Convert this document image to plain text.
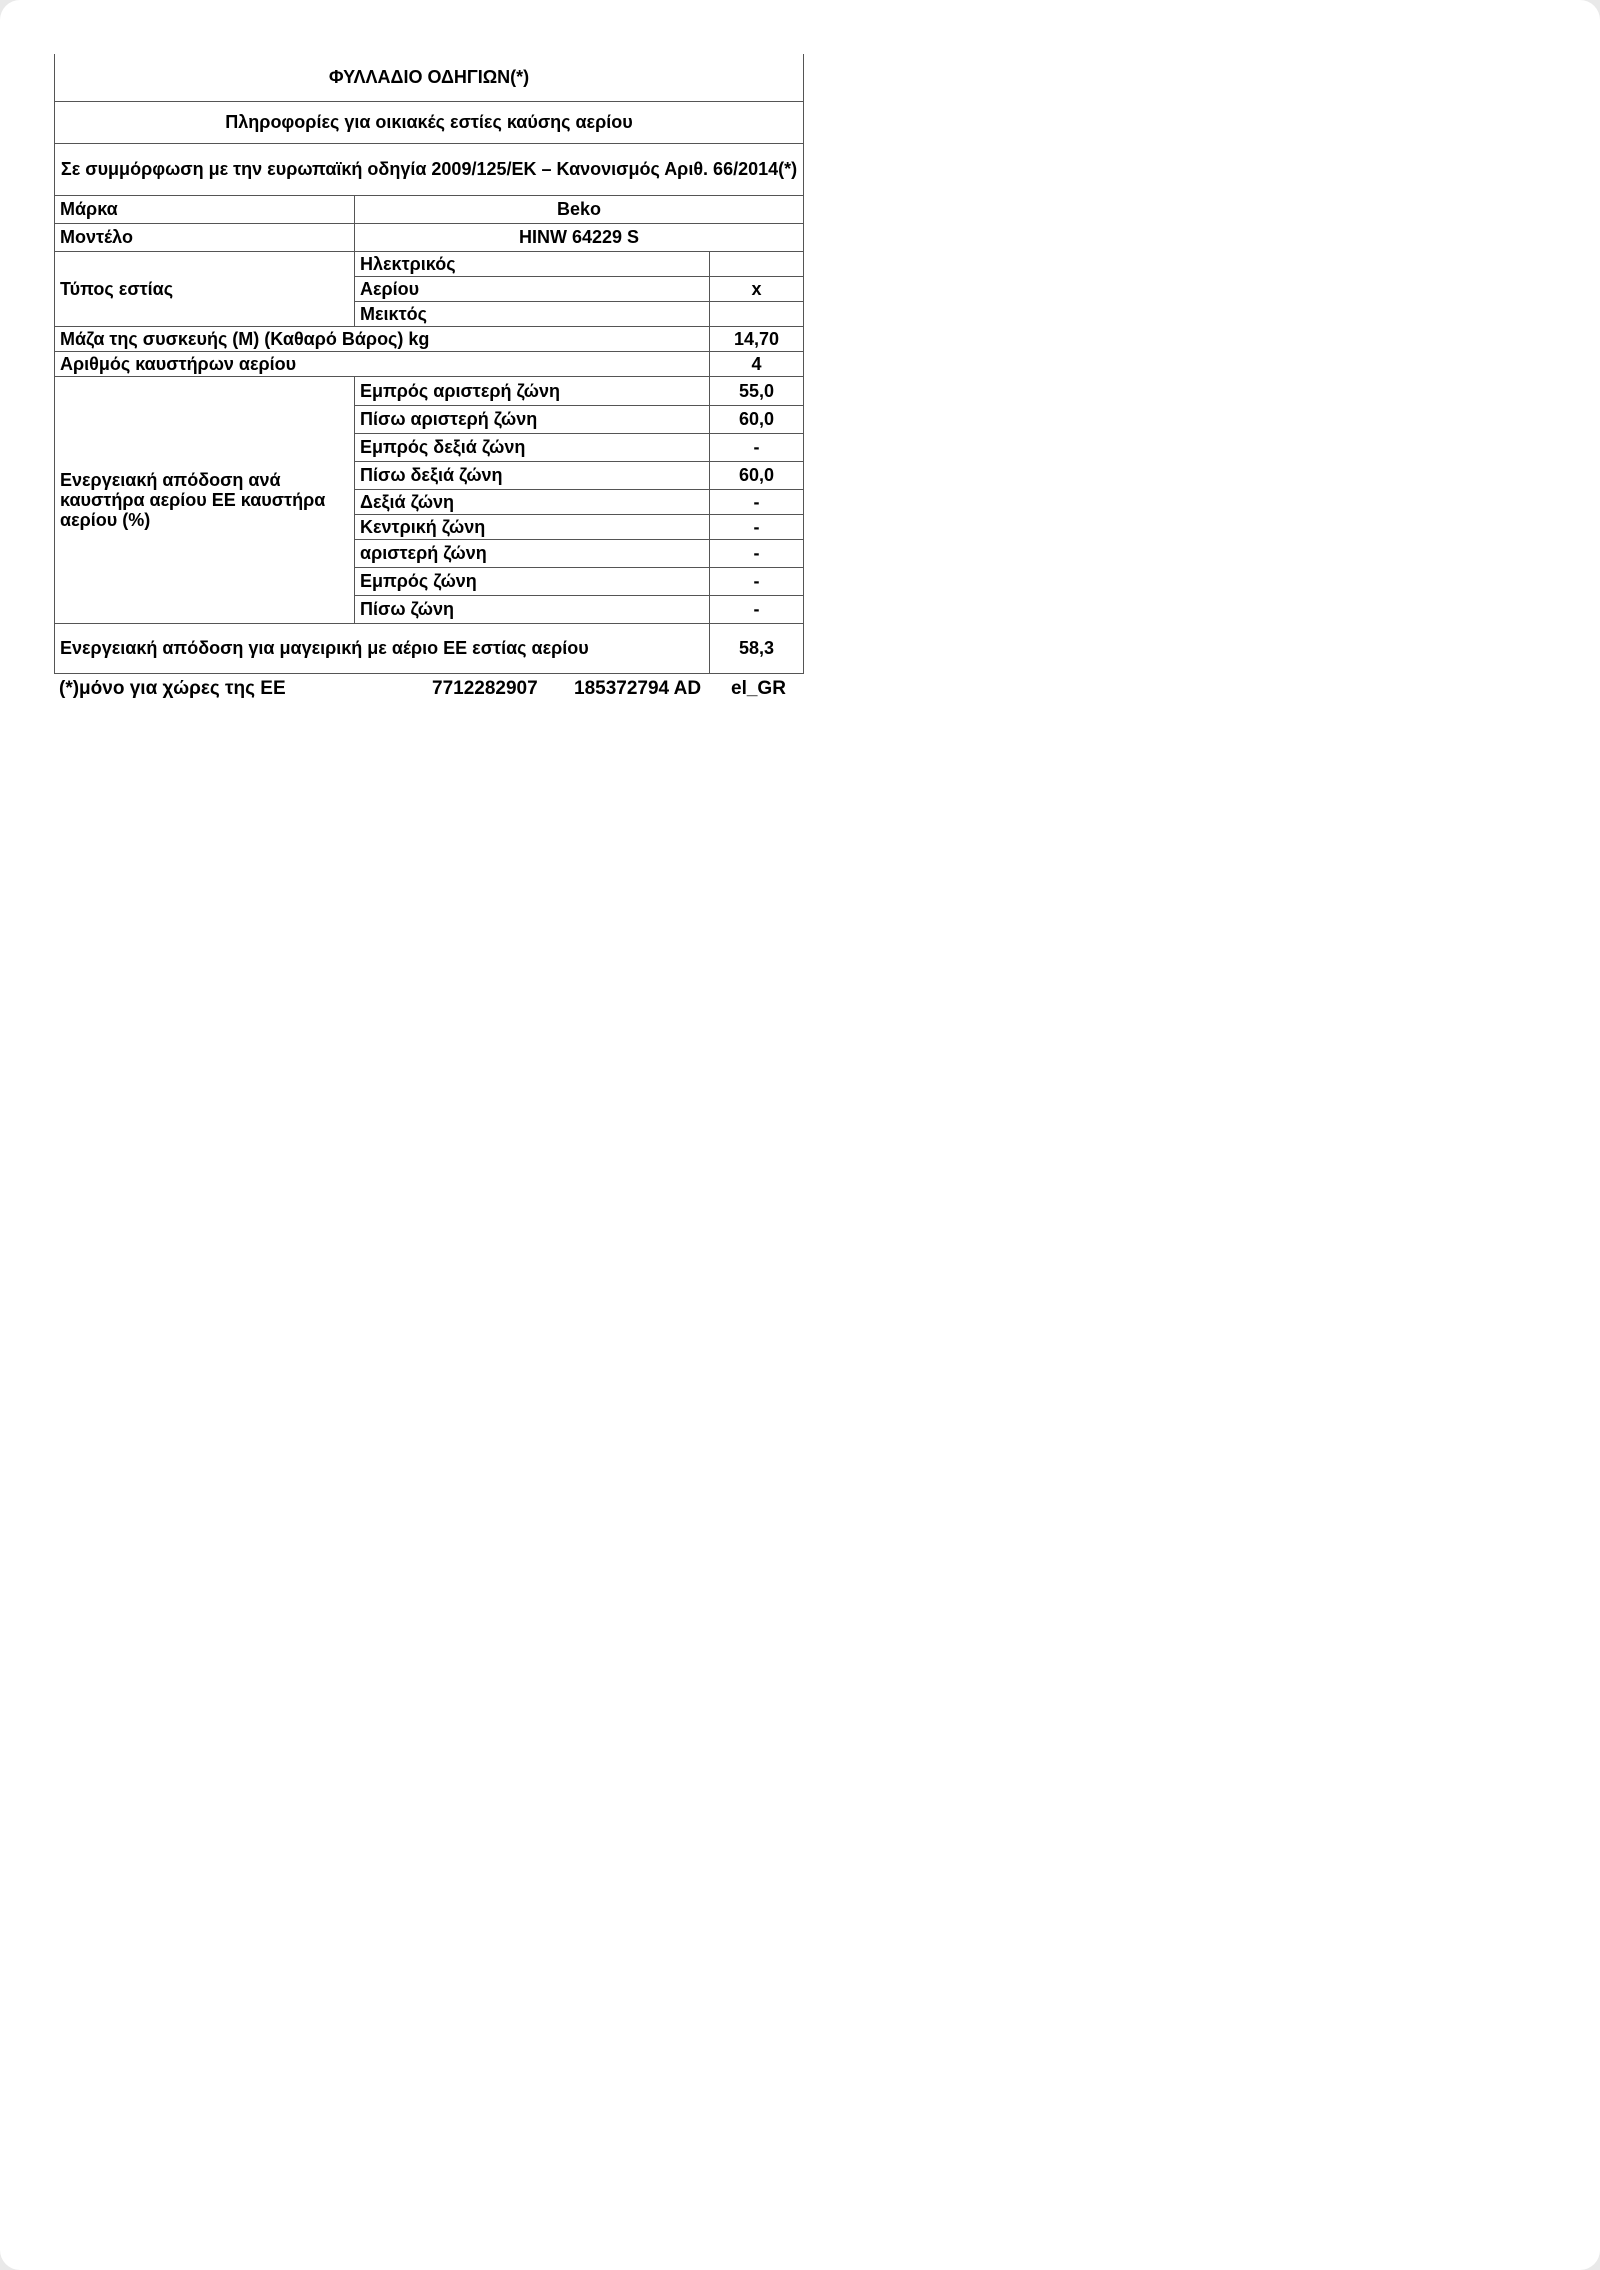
ΦΥΛΛΑΔΙΟ ΟΔΗΓΙΩΝ(*)		
Πληροφορίες για οικιακές εστίες καύσης αερίου		
Σε συμμόρφωση με την ευρωπαϊκή οδηγία 2009/125/ΕΚ – Κανονισμός Αριθ. 66/2014(*)		
Μάρκα	Beko	
Μοντέλο	HINW 64229 S	
Τύπος εστίας	Ηλεκτρικός	
	Αερίου	x
	Μεικτός	
Μάζα της συσκευής (M) (Καθαρό Βάρος) kg		14,70
Αριθμός καυστήρων αερίου		4
Ενεργειακή απόδοση ανά καυστήρα αερίου ΕΕ καυστήρα αερίου (%)	Εμπρός αριστερή ζώνη	55,0
	Πίσω αριστερή ζώνη	60,0
	Εμπρός δεξιά ζώνη	-
	Πίσω δεξιά ζώνη	60,0
	Δεξιά ζώνη	-
	Κεντρική ζώνη	-
	αριστερή ζώνη	-
	Εμπρός ζώνη	-
	Πίσω ζώνη	-
Ενεργειακή απόδοση για μαγειρική με αέριο ΕΕ εστίας αερίου		58,3
(*)μόνο για χώρες της ΕΕ	7712282907 185372794 AD el_GR
